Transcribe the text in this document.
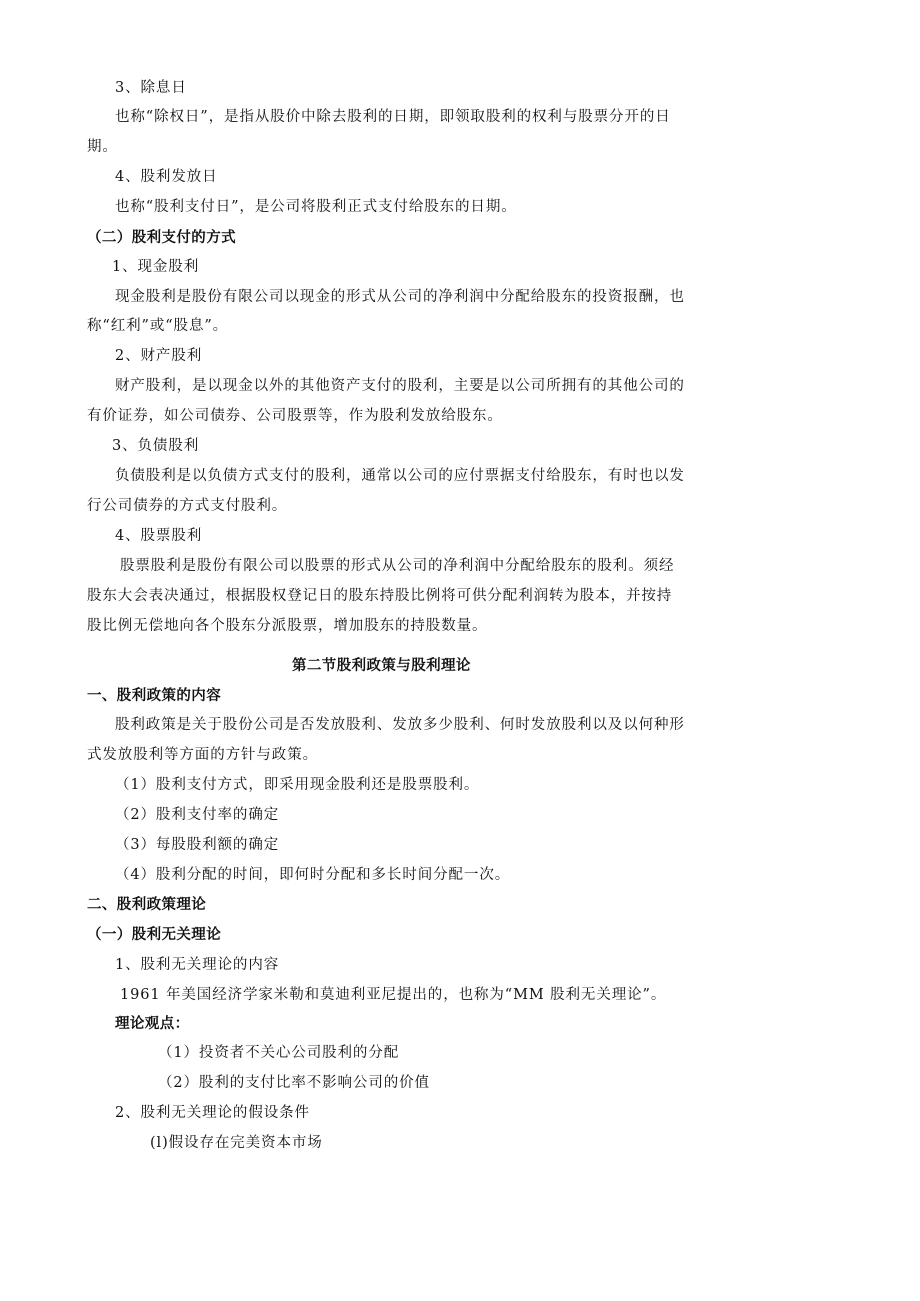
3、除息日

也称“除权日”，是指从股价中除去股利的日期，即领取股利的权利与股票分开的日

期。

4、股利发放日

也称“股利支付日”，是公司将股利正式支付给股东的日期。

（二）股利支付的方式

1、现金股利

现金股利是股份有限公司以现金的形式从公司的净利润中分配给股东的投资报酬，也

称“红利”或“股息”。

2、财产股利

财产股利，是以现金以外的其他资产支付的股利，主要是以公司所拥有的其他公司的

有价证券，如公司债券、公司股票等，作为股利发放给股东。

3、负债股利

负债股利是以负债方式支付的股利，通常以公司的应付票据支付给股东，有时也以发

行公司债券的方式支付股利。

4、股票股利

股票股利是股份有限公司以股票的形式从公司的净利润中分配给股东的股利。须经

股东大会表决通过，根据股权登记日的股东持股比例将可供分配利润转为股本，并按持

股比例无偿地向各个股东分派股票，增加股东的持股数量。

第二节股利政策与股利理论

一、股利政策的内容

股利政策是关于股份公司是否发放股利、发放多少股利、何时发放股利以及以何种形

式发放股利等方面的方针与政策。

（1）股利支付方式，即采用现金股利还是股票股利。

（2）股利支付率的确定

（3）每股股利额的确定

（4）股利分配的时间，即何时分配和多长时间分配一次。

二、股利政策理论

（一）股利无关理论

1、股利无关理论的内容

1961 年美国经济学家米勒和莫迪利亚尼提出的，也称为“MM 股利无关理论”。

理论观点：

（1）投资者不关心公司股利的分配

（2）股利的支付比率不影响公司的价值

2、股利无关理论的假设条件

(l)假设存在完美资本市场
